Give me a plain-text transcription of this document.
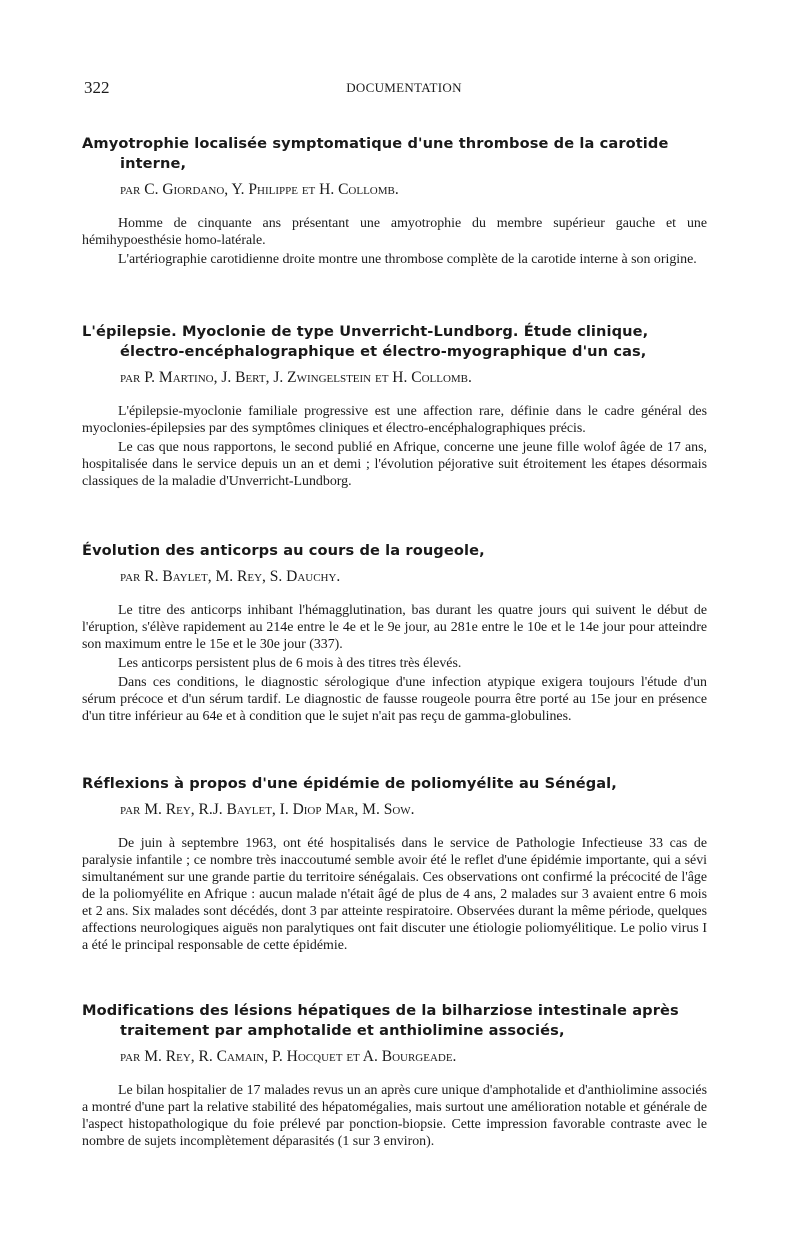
322	DOCUMENTATION
Amyotrophie localisée symptomatique d'une thrombose de la carotide
interne,
par C. Giordano, Y. Philippe et H. Collomb.

Homme de cinquante ans présentant une amyotrophie du membre supérieur gauche et une hémihypoesthésie homo-latérale.

L'artériographie carotidienne droite montre une thrombose complète de la carotide interne à son origine.

L'épilepsie. Myoclonie de type Unverricht-Lundborg. Étude clinique,
électro-encéphalographique et électro-myographique d'un cas,
par P. Martino, J. Bert, J. Zwingelstein et H. Collomb.

L'épilepsie-myoclonie familiale progressive est une affection rare, définie dans le cadre général des myoclonies-épilepsies par des symptômes cliniques et électro-encéphalographiques précis.

Le cas que nous rapportons, le second publié en Afrique, concerne une jeune fille wolof âgée de 17 ans, hospitalisée dans le service depuis un an et demi ; l'évolution péjorative suit étroitement les étapes désormais classiques de la maladie d'Unverricht-Lundborg.

Évolution des anticorps au cours de la rougeole,
par R. Baylet, M. Rey, S. Dauchy.

Le titre des anticorps inhibant l'hémagglutination, bas durant les quatre jours qui suivent le début de l'éruption, s'élève rapidement au 214e entre le 4e et le 9e jour, au 281e entre le 10e et le 14e jour pour atteindre son maximum entre le 15e et le 30e jour (337).

Les anticorps persistent plus de 6 mois à des titres très élevés.

Dans ces conditions, le diagnostic sérologique d'une infection atypique exigera toujours l'étude d'un sérum précoce et d'un sérum tardif. Le diagnostic de fausse rougeole pourra être porté au 15e jour en présence d'un titre inférieur au 64e et à condition que le sujet n'ait pas reçu de gamma-globulines.

Réflexions à propos d'une épidémie de poliomyélite au Sénégal,
par M. Rey, R.J. Baylet, I. Diop Mar, M. Sow.

De juin à septembre 1963, ont été hospitalisés dans le service de Pathologie Infectieuse 33 cas de paralysie infantile ; ce nombre très inaccoutumé semble avoir été le reflet d'une épidémie importante, qui a sévi simultanément sur une grande partie du territoire sénégalais. Ces observations ont confirmé la précocité de l'âge de la poliomyélite en Afrique : aucun malade n'était âgé de plus de 4 ans, 2 malades sur 3 avaient entre 6 mois et 2 ans. Six malades sont décédés, dont 3 par atteinte respiratoire. Observées durant la même période, quelques affections neurologiques aiguës non paralytiques ont fait discuter une étiologie poliomyélitique. Le polio virus I a été le principal responsable de cette épidémie.

Modifications des lésions hépatiques de la bilharziose intestinale après
traitement par amphotalide et anthiolimine associés,
par M. Rey, R. Camain, P. Hocquet et A. Bourgeade.

Le bilan hospitalier de 17 malades revus un an après cure unique d'amphotalide et d'anthiolimine associés a montré d'une part la relative stabilité des hépatomégalies, mais surtout une amélioration notable et générale de l'aspect histopathologique du foie prélevé par ponction-biopsie. Cette impression favorable contraste avec le nombre de sujets incomplètement déparasités (1 sur 3 environ).
